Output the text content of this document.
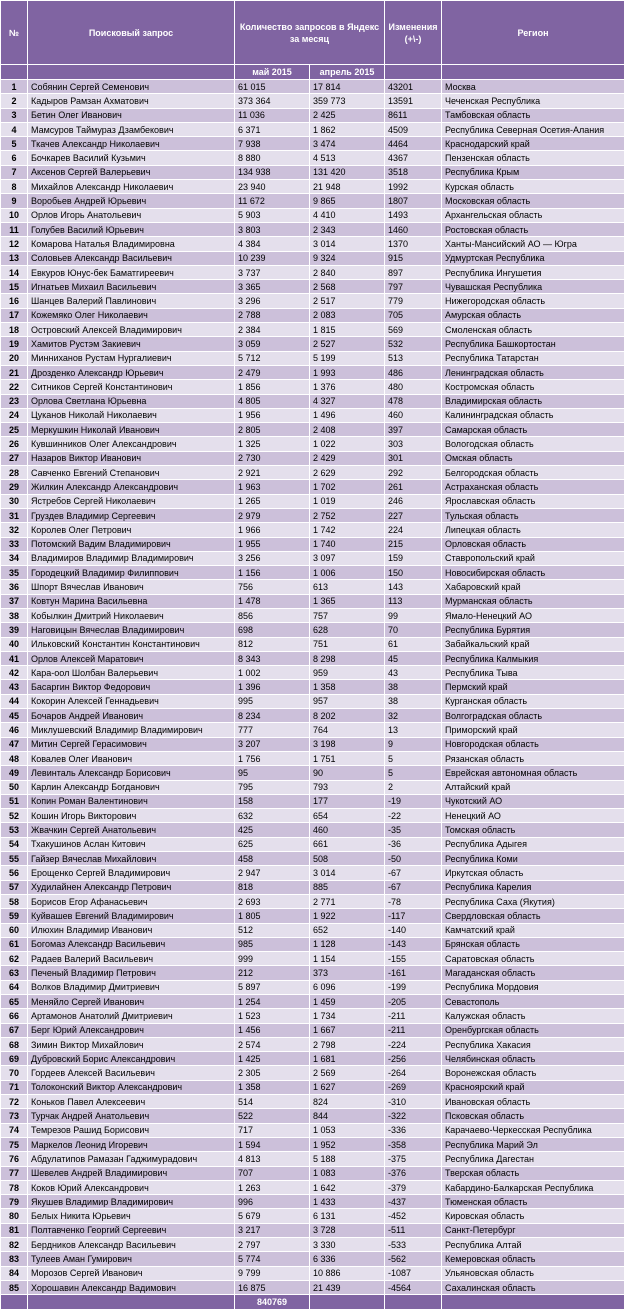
№	Поисковый запрос	Количество запросов в Яндекс за месяц		Изменения (+\-)	Регион
		май 2015	апрель 2015		
1	Собянин Сергей Семенович	61 015	17 814	43201	Москва
2	Кадыров Рамзан Ахматович	373 364	359 773	13591	Чеченская Республика
3	Бетин Олег Иванович	11 036	2 425	8611	Тамбовская область
4	Мамсуров Таймураз Дзамбекович	6 371	1 862	4509	Республика Северная Осетия-Алания
5	Ткачев Александр Николаевич	7 938	3 474	4464	Краснодарский край
6	Бочкарев Василий Кузьмич	8 880	4 513	4367	Пензенская область
7	Аксенов Сергей Валерьевич	134 938	131 420	3518	Республика Крым
8	Михайлов Александр Николаевич	23 940	21 948	1992	Курская область
9	Воробьев Андрей Юрьевич	11 672	9 865	1807	Московская область
10	Орлов Игорь Анатольевич	5 903	4 410	1493	Архангельская область
11	Голубев Василий Юрьевич	3 803	2 343	1460	Ростовская область
12	Комарова Наталья Владимировна	4 384	3 014	1370	Ханты-Мансийский АО — Югра
13	Соловьев Александр Васильевич	10 239	9 324	915	Удмуртская Республика
14	Евкуров Юнус-бек Баматгиреевич	3 737	2 840	897	Республика Ингушетия
15	Игнатьев Михаил Васильевич	3 365	2 568	797	Чувашская Республика
16	Шанцев Валерий Павлинович	3 296	2 517	779	Нижегородская область
17	Кожемяко Олег Николаевич	2 788	2 083	705	Амурская область
18	Островский Алексей Владимирович	2 384	1 815	569	Смоленская область
19	Хамитов Рустэм Закиевич	3 059	2 527	532	Республика Башкортостан
20	Минниханов Рустам Нургалиевич	5 712	5 199	513	Республика Татарстан
21	Дрозденко Александр Юрьевич	2 479	1 993	486	Ленинградская область
22	Ситников Сергей Константинович	1 856	1 376	480	Костромская область
23	Орлова Светлана Юрьевна	4 805	4 327	478	Владимирская область
24	Цуканов Николай Николаевич	1 956	1 496	460	Калининградская область
25	Меркушкин Николай Иванович	2 805	2 408	397	Самарская область
26	Кувшинников Олег Александрович	1 325	1 022	303	Вологодская область
27	Назаров Виктор Иванович	2 730	2 429	301	Омская область
28	Савченко Евгений Степанович	2 921	2 629	292	Белгородская область
29	Жилкин Александр Александрович	1 963	1 702	261	Астраханская область
30	Ястребов Сергей Николаевич	1 265	1 019	246	Ярославская область
31	Груздев Владимир Сергеевич	2 979	2 752	227	Тульская область
32	Королев Олег Петрович	1 966	1 742	224	Липецкая область
33	Потомский Вадим Владимирович	1 955	1 740	215	Орловская область
34	Владимиров Владимир Владимирович	3 256	3 097	159	Ставропольский край
35	Городецкий Владимир Филиппович	1 156	1 006	150	Новосибирская область
36	Шпорт Вячеслав Иванович	756	613	143	Хабаровский край
37	Ковтун Марина Васильевна	1 478	1 365	113	Мурманская область
38	Кобылкин Дмитрий Николаевич	856	757	99	Ямало-Ненецкий АО
39	Наговицын Вячеслав Владимирович	698	628	70	Республика Бурятия
40	Ильковский Константин Константинович	812	751	61	Забайкальский край
41	Орлов Алексей Маратович	8 343	8 298	45	Республика Калмыкия
42	Кара-оол Шолбан Валерьевич	1 002	959	43	Республика Тыва
43	Басаргин Виктор Федорович	1 396	1 358	38	Пермский край
44	Кокорин Алексей Геннадьевич	995	957	38	Курганская область
45	Бочаров Андрей Иванович	8 234	8 202	32	Волгоградская область
46	Миклушевский Владимир Владимирович	777	764	13	Приморский край
47	Митин Сергей Герасимович	3 207	3 198	9	Новгородская область
48	Ковалев Олег Иванович	1 756	1 751	5	Рязанская область
49	Левинталь Александр Борисович	95	90	5	Еврейская автономная область
50	Карлин Александр Богданович	795	793	2	Алтайский край
51	Копин Роман Валентинович	158	177	-19	Чукотский АО
52	Кошин Игорь Викторович	632	654	-22	Ненецкий АО
53	Жвачкин Сергей Анатольевич	425	460	-35	Томская область
54	Тхакушинов Аслан Китович	625	661	-36	Республика Адыгея
55	Гайзер Вячеслав Михайлович	458	508	-50	Республика Коми
56	Ерощенко Сергей Владимирович	2 947	3 014	-67	Иркутская область
57	Худилайнен Александр Петрович	818	885	-67	Республика Карелия
58	Борисов Егор Афанасьевич	2 693	2 771	-78	Республика Саха (Якутия)
59	Куйвашев Евгений Владимирович	1 805	1 922	-117	Свердловская область
60	Илюхин Владимир Иванович	512	652	-140	Камчатский край
61	Богомаз Александр Васильевич	985	1 128	-143	Брянская область
62	Радаев Валерий Васильевич	999	1 154	-155	Саратовская область
63	Печеный Владимир Петрович	212	373	-161	Магаданская область
64	Волков Владимир Дмитриевич	5 897	6 096	-199	Республика Мордовия
65	Меняйло Сергей Иванович	1 254	1 459	-205	Севастополь
66	Артамонов Анатолий Дмитриевич	1 523	1 734	-211	Калужская область
67	Берг Юрий Александрович	1 456	1 667	-211	Оренбургская область
68	Зимин Виктор Михайлович	2 574	2 798	-224	Республика Хакасия
69	Дубровский Борис Александрович	1 425	1 681	-256	Челябинская область
70	Гордеев Алексей Васильевич	2 305	2 569	-264	Воронежская область
71	Толоконский Виктор Александрович	1 358	1 627	-269	Красноярский край
72	Коньков Павел Алексеевич	514	824	-310	Ивановская область
73	Турчак Андрей Анатольевич	522	844	-322	Псковская область
74	Темрезов Рашид Борисович	717	1 053	-336	Карачаево-Черкесская Республика
75	Маркелов Леонид Игоревич	1 594	1 952	-358	Республика Марий Эл
76	Абдулатипов Рамазан Гаджимурадович	4 813	5 188	-375	Республика Дагестан
77	Шевелев Андрей Владимирович	707	1 083	-376	Тверская область
78	Коков Юрий Александрович	1 263	1 642	-379	Кабардино-Балкарская Республика
79	Якушев Владимир Владимирович	996	1 433	-437	Тюменская область
80	Белых Никита Юрьевич	5 679	6 131	-452	Кировская область
81	Полтавченко Георгий Сергеевич	3 217	3 728	-511	Санкт-Петербург
82	Бердников Александр Васильевич	2 797	3 330	-533	Республика Алтай
83	Тулеев Аман Гумирович	5 774	6 336	-562	Кемеровская область
84	Морозов Сергей Иванович	9 799	10 886	-1087	Ульяновская область
85	Хорошавин Александр Вадимович	16 875	21 439	-4564	Сахалинская область
		840769			
